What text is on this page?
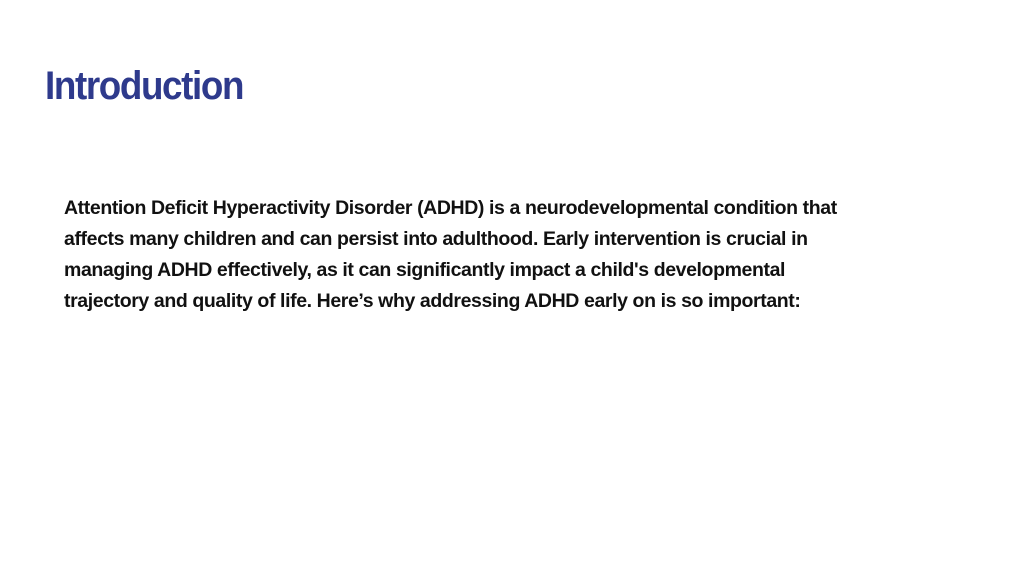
Introduction

Attention Deficit Hyperactivity Disorder (ADHD) is a neurodevelopmental condition that affects many children and can persist into adulthood. Early intervention is crucial in managing ADHD effectively, as it can significantly impact a child's developmental trajectory and quality of life. Here’s why addressing ADHD early on is so important:
